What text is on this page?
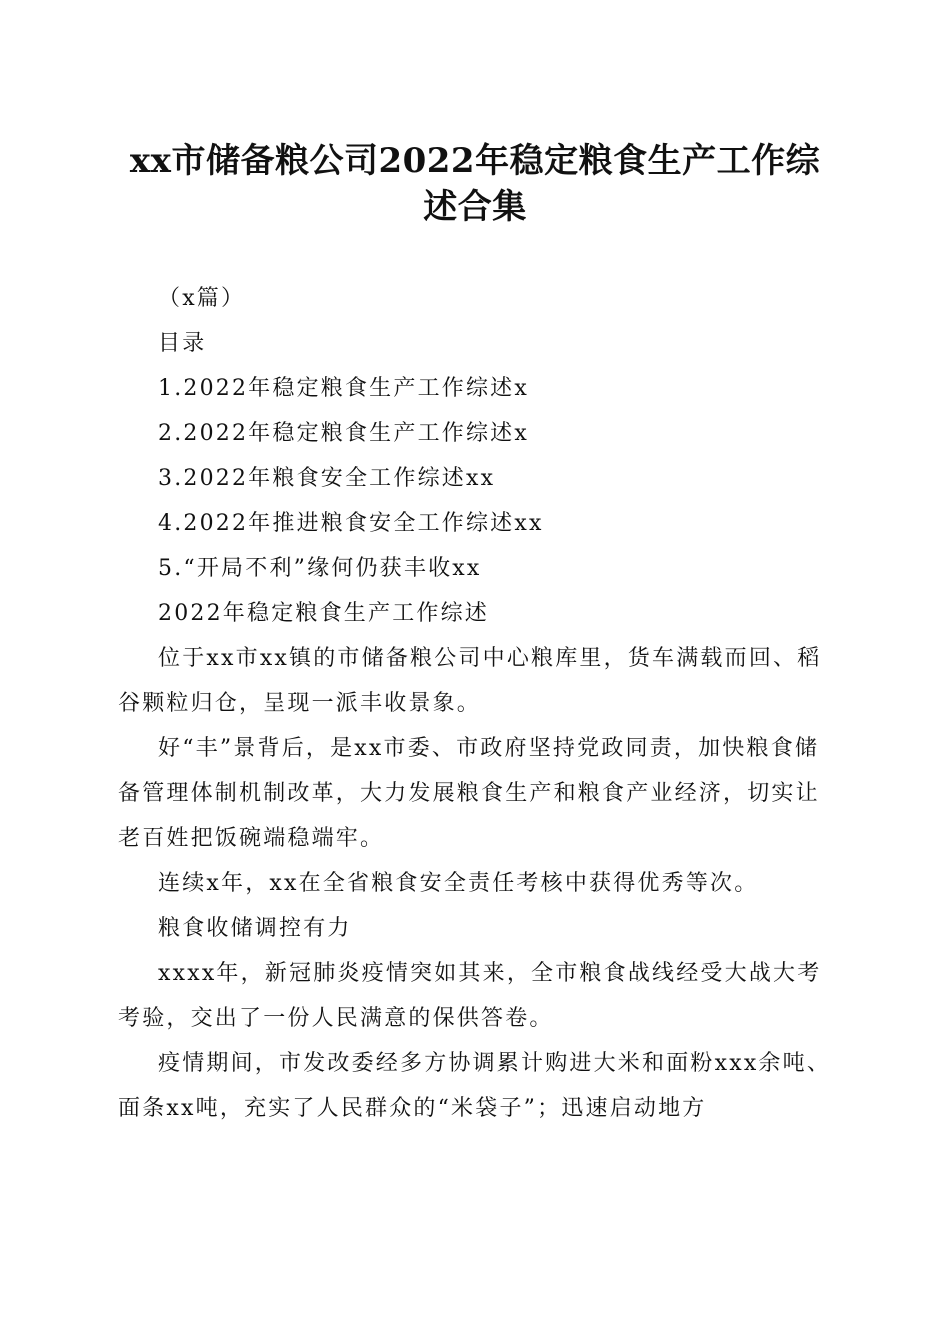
xx市储备粮公司2022年稳定粮食生产工作综
述合集

（x篇）

目录

1.2022年稳定粮食生产工作综述x

2.2022年稳定粮食生产工作综述x

3.2022年粮食安全工作综述xx

4.2022年推进粮食安全工作综述xx

5.“开局不利”缘何仍获丰收xx

2022年稳定粮食生产工作综述

位于xx市xx镇的市储备粮公司中心粮库里，货车满载而回、稻谷颗粒归仓，呈现一派丰收景象。

好“丰”景背后，是xx市委、市政府坚持党政同责，加快粮食储备管理体制机制改革，大力发展粮食生产和粮食产业经济，切实让老百姓把饭碗端稳端牢。

连续x年，xx在全省粮食安全责任考核中获得优秀等次。

粮食收储调控有力

xxxx年，新冠肺炎疫情突如其来，全市粮食战线经受大战大考考验，交出了一份人民满意的保供答卷。

疫情期间，市发改委经多方协调累计购进大米和面粉xxx余吨、面条xx吨，充实了人民群众的“米袋子”；迅速启动地方
